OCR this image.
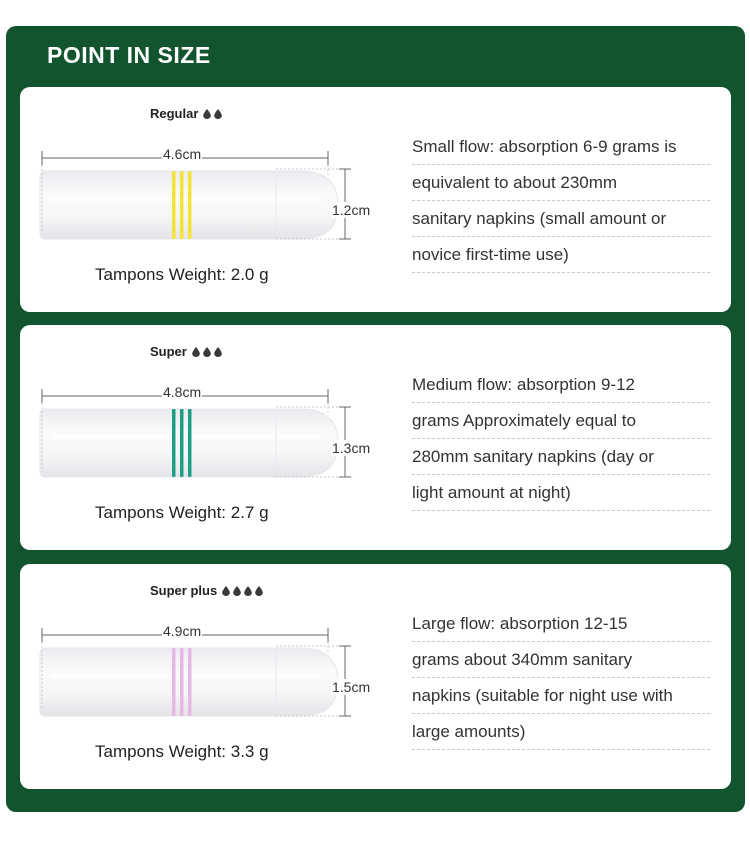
POINT IN SIZE
Regular
4.6cm
1.2cm
Tampons Weight: 2.0 g
Small flow: absorption 6-9 grams is
equivalent to about 230mm
sanitary napkins (small amount or
novice first-time use)
Super
4.8cm
1.3cm
Tampons Weight: 2.7 g
Medium flow: absorption 9-12
grams Approximately equal to
280mm sanitary napkins (day or
light amount at night)
Super plus
4.9cm
1.5cm
Tampons Weight: 3.3 g
Large flow: absorption 12-15
grams about 340mm sanitary
napkins (suitable for night use with
large amounts)
